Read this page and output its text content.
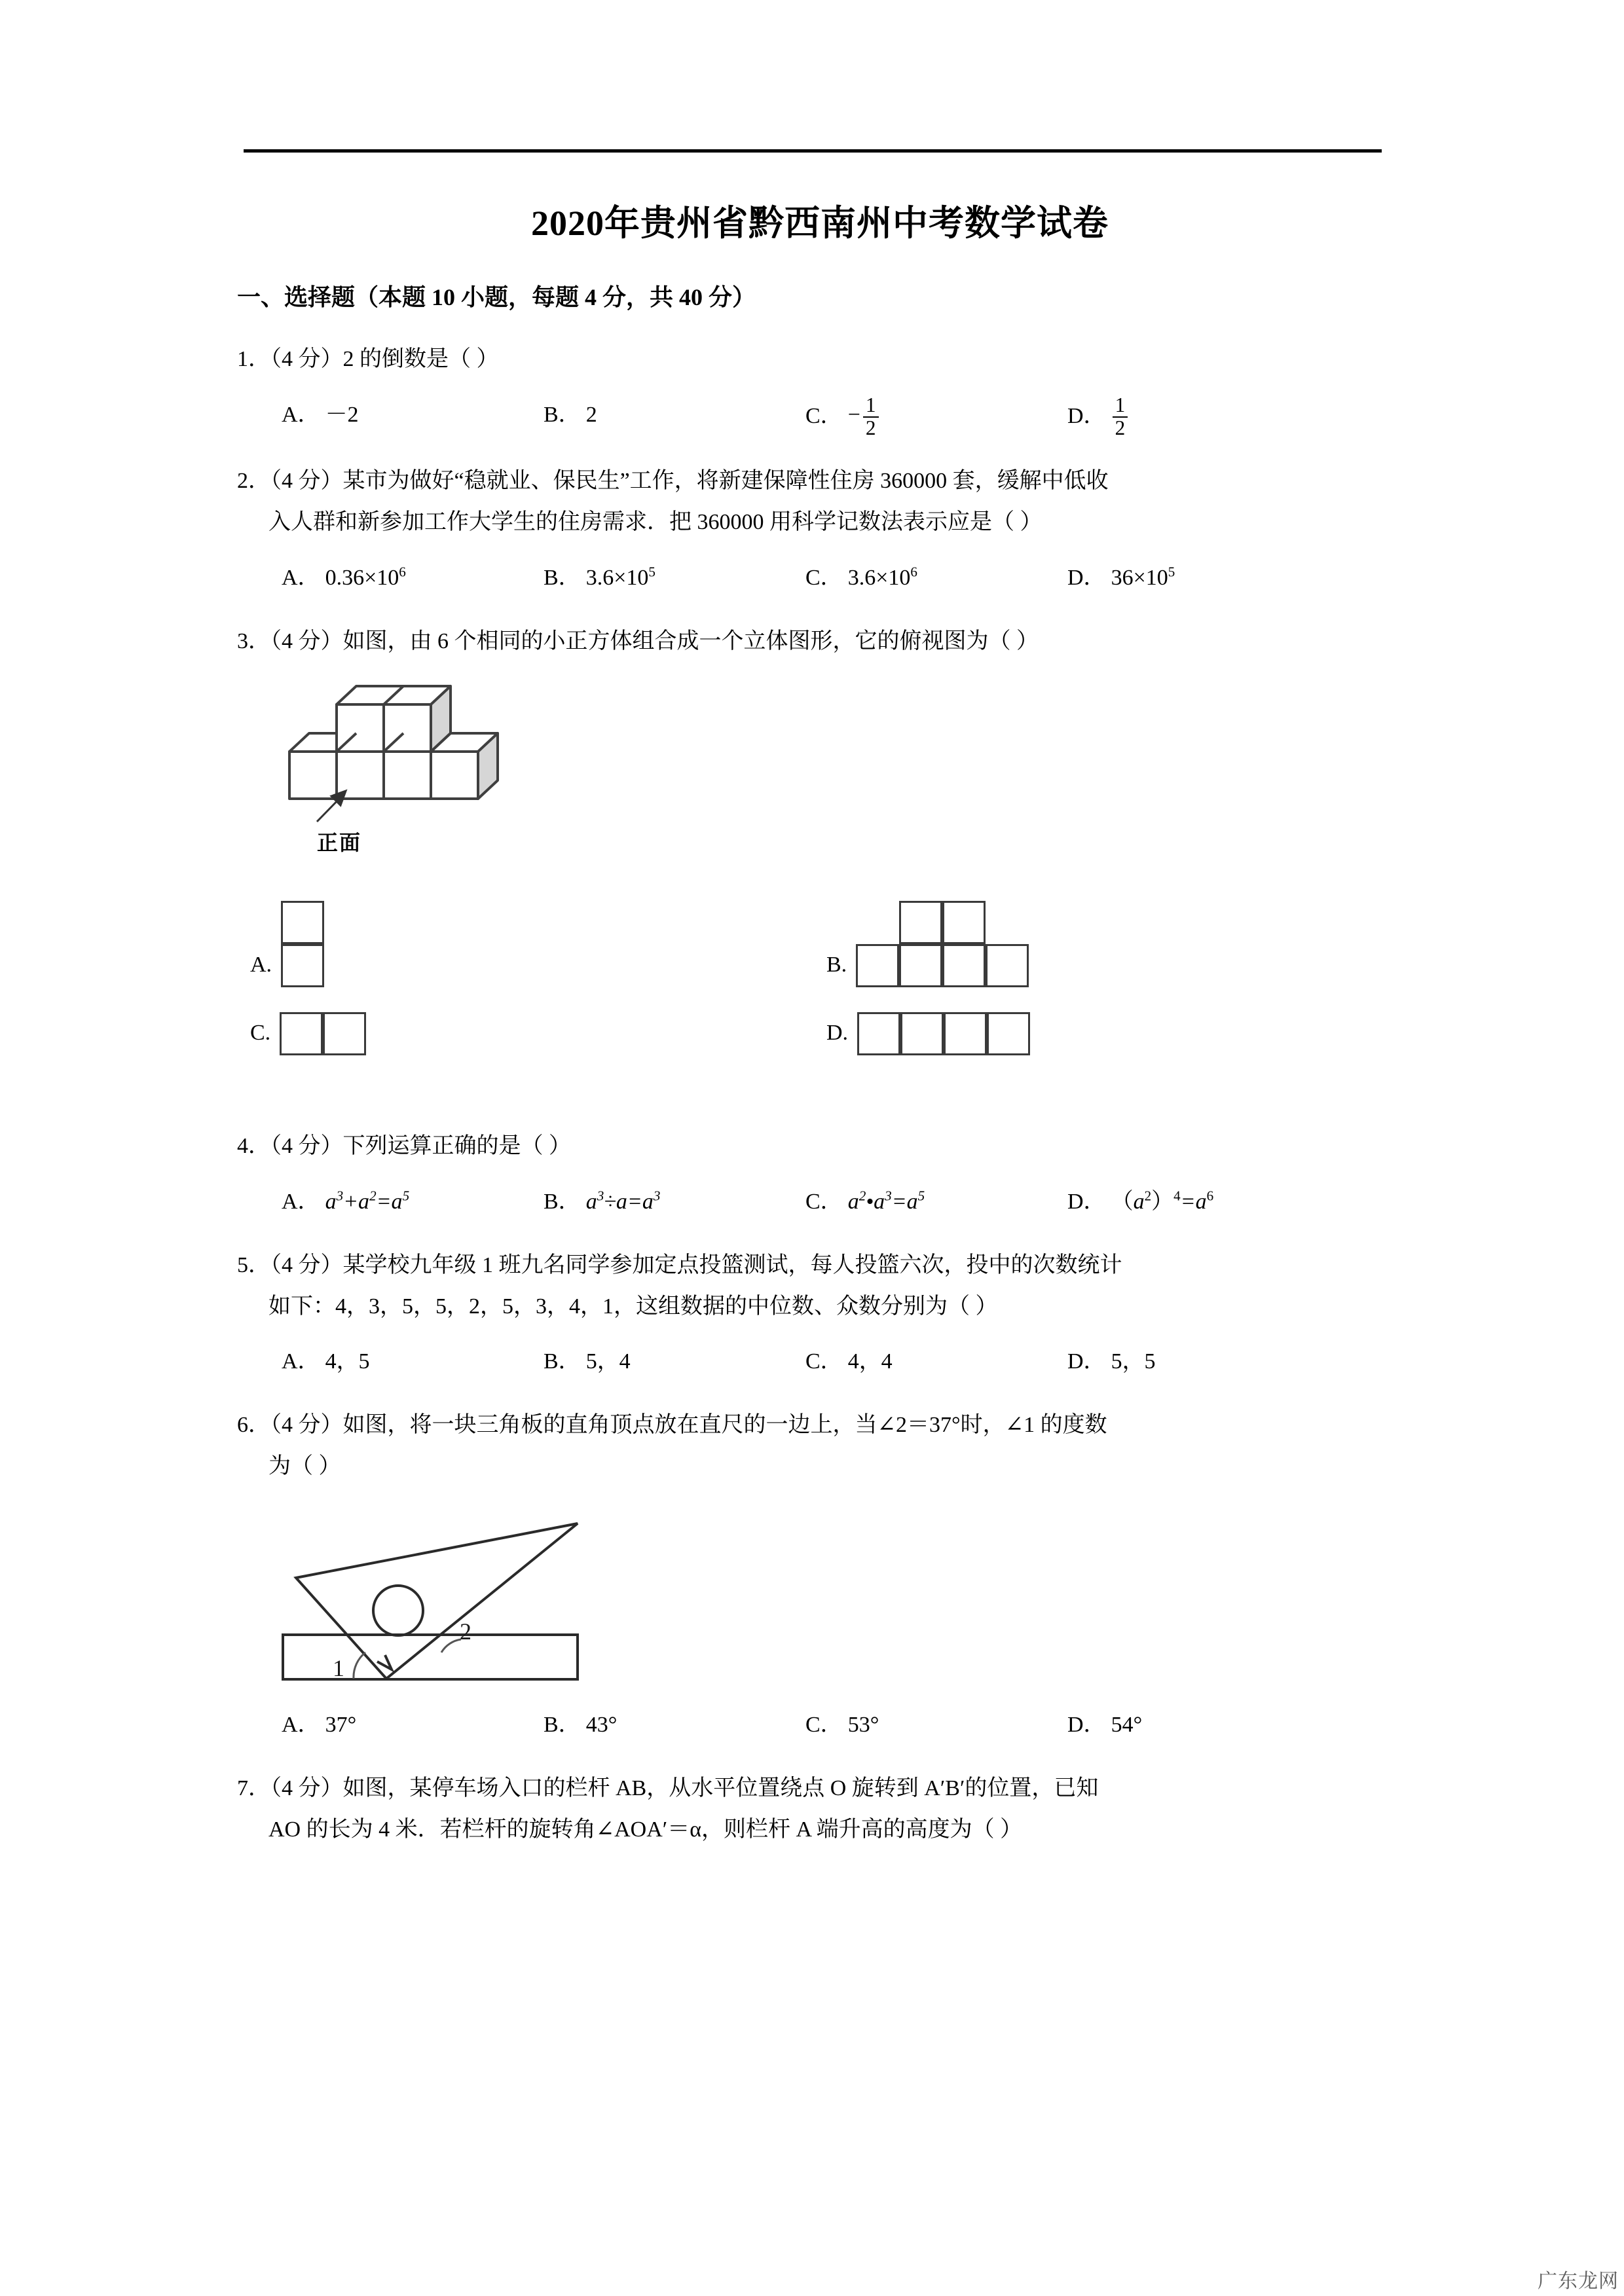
2020年贵州省黔西南州中考数学试卷
一、选择题（本题 10 小题，每题 4 分，共 40 分）
1．（4 分）2 的倒数是（ ）
A． －2	B． 2	C． − $\frac{1}{2}$	D． $\frac{1}{2}$
2．（4 分）某市为做好“稳就业、保民生”工作，将新建保障性住房 360000 套，缓解中低收
入人群和新参加工作大学生的住房需求．把 360000 用科学记数法表示应是（ ）
A． $0.36\times 10^6$	B． $3.6\times 10^5$	C． $3.6\times 10^6$	D． $36\times 10^5$
3．（4 分）如图，由 6 个相同的小正方体组合成一个立体图形，它的俯视图为（ ）
正面
A.	B.
C.	D.
4．（4 分）下列运算正确的是（ ）
A． $a^3+a^2=a^5$	B． $a^3\div a=a^3$	C． $a^2•a^3=a^5$	D． $(a^2)^4=a^6$
5．（4 分）某学校九年级 1 班九名同学参加定点投篮测试，每人投篮六次，投中的次数统计
如下：4，3，5，5，2，5，3，4，1，这组数据的中位数、众数分别为（ ）
A． 4，5	B． 5，4	C． 4，4	D． 5，5
6．（4 分）如图，将一块三角板的直角顶点放在直尺的一边上，当∠2＝37°时，∠1 的度数
为（ ）
1
2
A． 37°	B． 43°	C． 53°	D． 54°
7．（4 分）如图，某停车场入口的栏杆 AB，从水平位置绕点 O 旋转到 A′B′的位置，已知
AO 的长为 4 米．若栏杆的旋转角∠AOA′＝α，则栏杆 A 端升高的高度为（ ）
广东龙网
